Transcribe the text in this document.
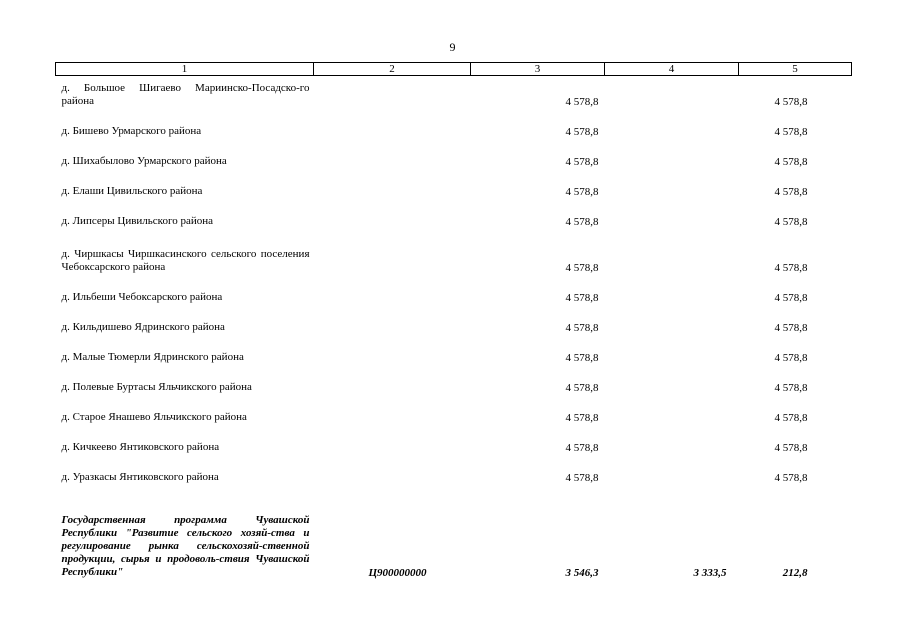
9
1	2	3	4	5
д. Большое Шигаево Мариинско-Посадско-го района		4 578,8		4 578,8
д. Бишево Урмарского района		4 578,8		4 578,8
д. Шихабылово Урмарского района		4 578,8		4 578,8
д. Елаши Цивильского района		4 578,8		4 578,8
д. Липсеры Цивильского района		4 578,8		4 578,8
д. Чиршкасы Чиршкасинского сельского поселения Чебоксарского района		4 578,8		4 578,8
д. Ильбеши Чебоксарского района		4 578,8		4 578,8
д. Кильдишево Ядринского района		4 578,8		4 578,8
д. Малые Тюмерли Ядринского района		4 578,8		4 578,8
д. Полевые Буртасы Яльчикского района		4 578,8		4 578,8
д. Старое Янашево Яльчикского района		4 578,8		4 578,8
д. Кичкеево Янтиковского района		4 578,8		4 578,8
д. Уразкасы Янтиковского района		4 578,8		4 578,8
Государственная программа Чувашской Республики "Развитие сельского хозяй-ства и регулирование рынка сельскохозяй-ственной продукции, сырья и продоволь-ствия Чувашской Республики"	Ц900000000	3 546,3	3 333,5	212,8
